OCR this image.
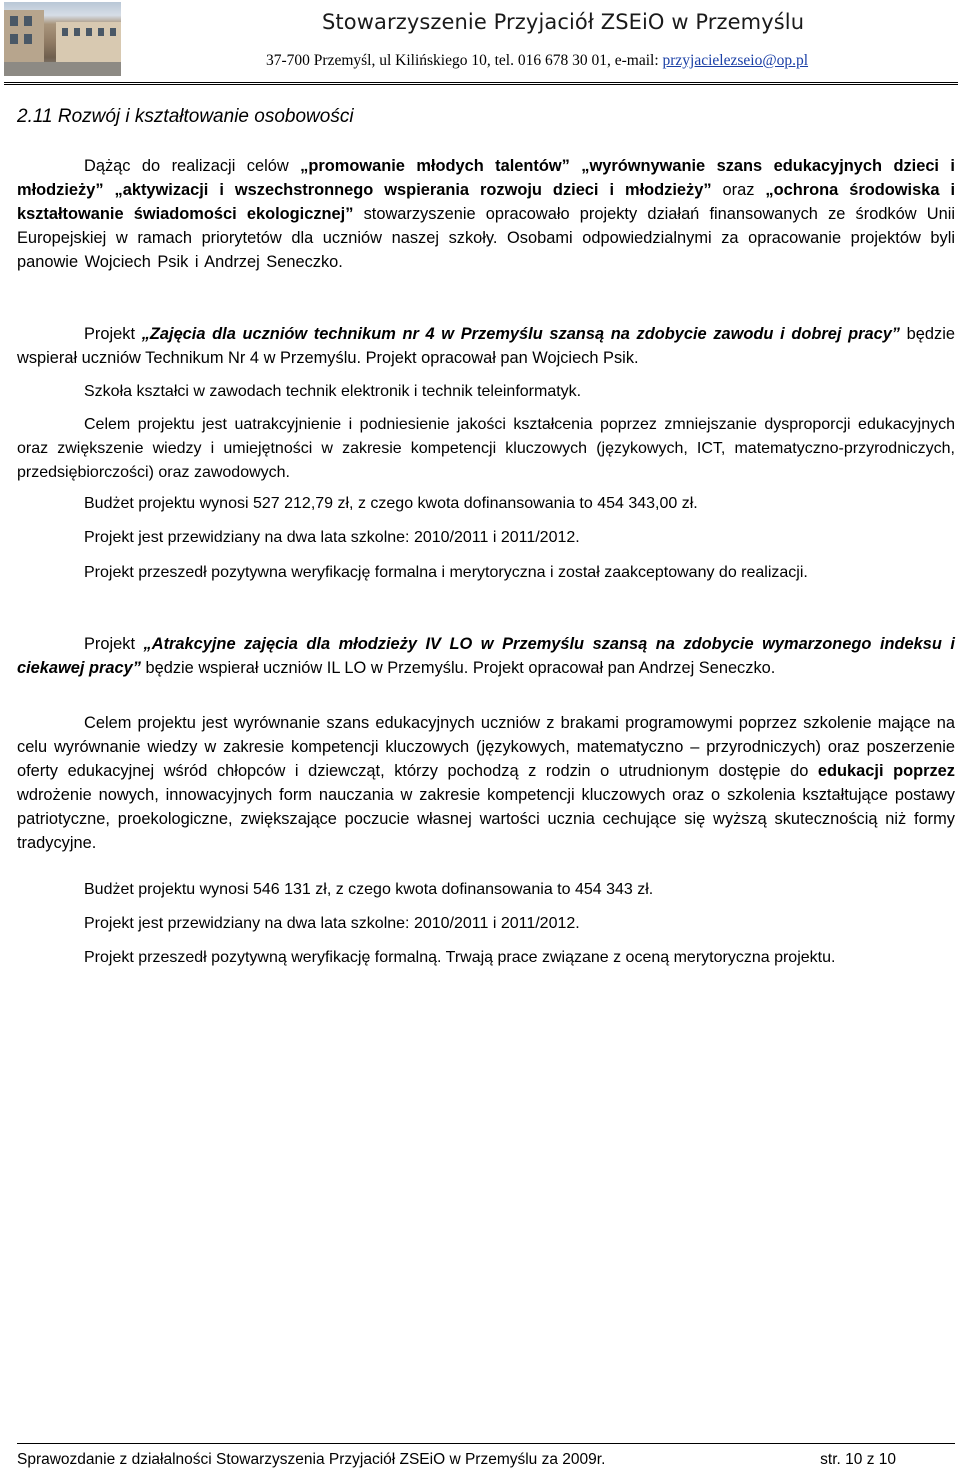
Stowarzyszenie Przyjaciół ZSEiO w Przemyślu
37-700 Przemyśl, ul Kilińskiego 10, tel. 016 678 30 01, e-mail: przyjacielezseio@op.pl
2.11 Rozwój i kształtowanie osobowości
Dążąc do realizacji celów „promowanie młodych talentów” „wyrównywanie szans edukacyjnych dzieci i młodzieży” „aktywizacji i wszechstronnego wspierania rozwoju dzieci i młodzieży” oraz „ochrona środowiska i kształtowanie świadomości ekologicznej” stowarzyszenie opracowało projekty działań finansowanych ze środków Unii Europejskiej w ramach priorytetów dla uczniów naszej szkoły. Osobami odpowiedzialnymi za opracowanie projektów byli panowie Wojciech Psik i Andrzej Seneczko.
Projekt „Zajęcia dla uczniów technikum nr 4 w Przemyślu szansą na zdobycie zawodu i dobrej pracy” będzie wspierał uczniów Technikum Nr 4 w Przemyślu. Projekt opracował pan Wojciech Psik.
Szkoła kształci w zawodach technik elektronik i technik teleinformatyk.
Celem projektu jest uatrakcyjnienie i podniesienie jakości kształcenia poprzez zmniejszanie dysproporcji edukacyjnych oraz zwiększenie wiedzy i umiejętności w zakresie kompetencji kluczowych (językowych, ICT, matematyczno-przyrodniczych, przedsiębiorczości) oraz zawodowych.
Budżet projektu wynosi 527 212,79 zł, z czego kwota dofinansowania to 454 343,00 zł.
Projekt jest przewidziany na dwa lata szkolne: 2010/2011 i 2011/2012.
Projekt przeszedł pozytywna weryfikację formalna i merytoryczna i został zaakceptowany do realizacji.
Projekt „Atrakcyjne zajęcia dla młodzieży IV LO w Przemyślu szansą na zdobycie wymarzonego indeksu i ciekawej pracy” będzie wspierał uczniów IL LO w Przemyślu. Projekt opracował pan Andrzej Seneczko.
Celem projektu jest wyrównanie szans edukacyjnych uczniów z brakami programowymi poprzez szkolenie mające na celu wyrównanie wiedzy w zakresie kompetencji kluczowych (językowych, matematyczno – przyrodniczych) oraz poszerzenie oferty edukacyjnej wśród chłopców i dziewcząt, którzy pochodzą z rodzin o utrudnionym dostępie do edukacji poprzez wdrożenie nowych, innowacyjnych form nauczania w zakresie kompetencji kluczowych oraz o szkolenia kształtujące postawy patriotyczne, proekologiczne, zwiększające poczucie własnej wartości ucznia cechujące się wyższą skutecznością niż formy tradycyjne.
Budżet projektu wynosi 546 131 zł, z czego kwota dofinansowania to 454 343 zł.
Projekt jest przewidziany na dwa lata szkolne: 2010/2011 i 2011/2012.
Projekt przeszedł pozytywną weryfikację formalną. Trwają prace związane z oceną merytoryczna projektu.
Sprawozdanie z działalności Stowarzyszenia Przyjaciół ZSEiO w Przemyślu za 2009r.	str. 10 z 10
